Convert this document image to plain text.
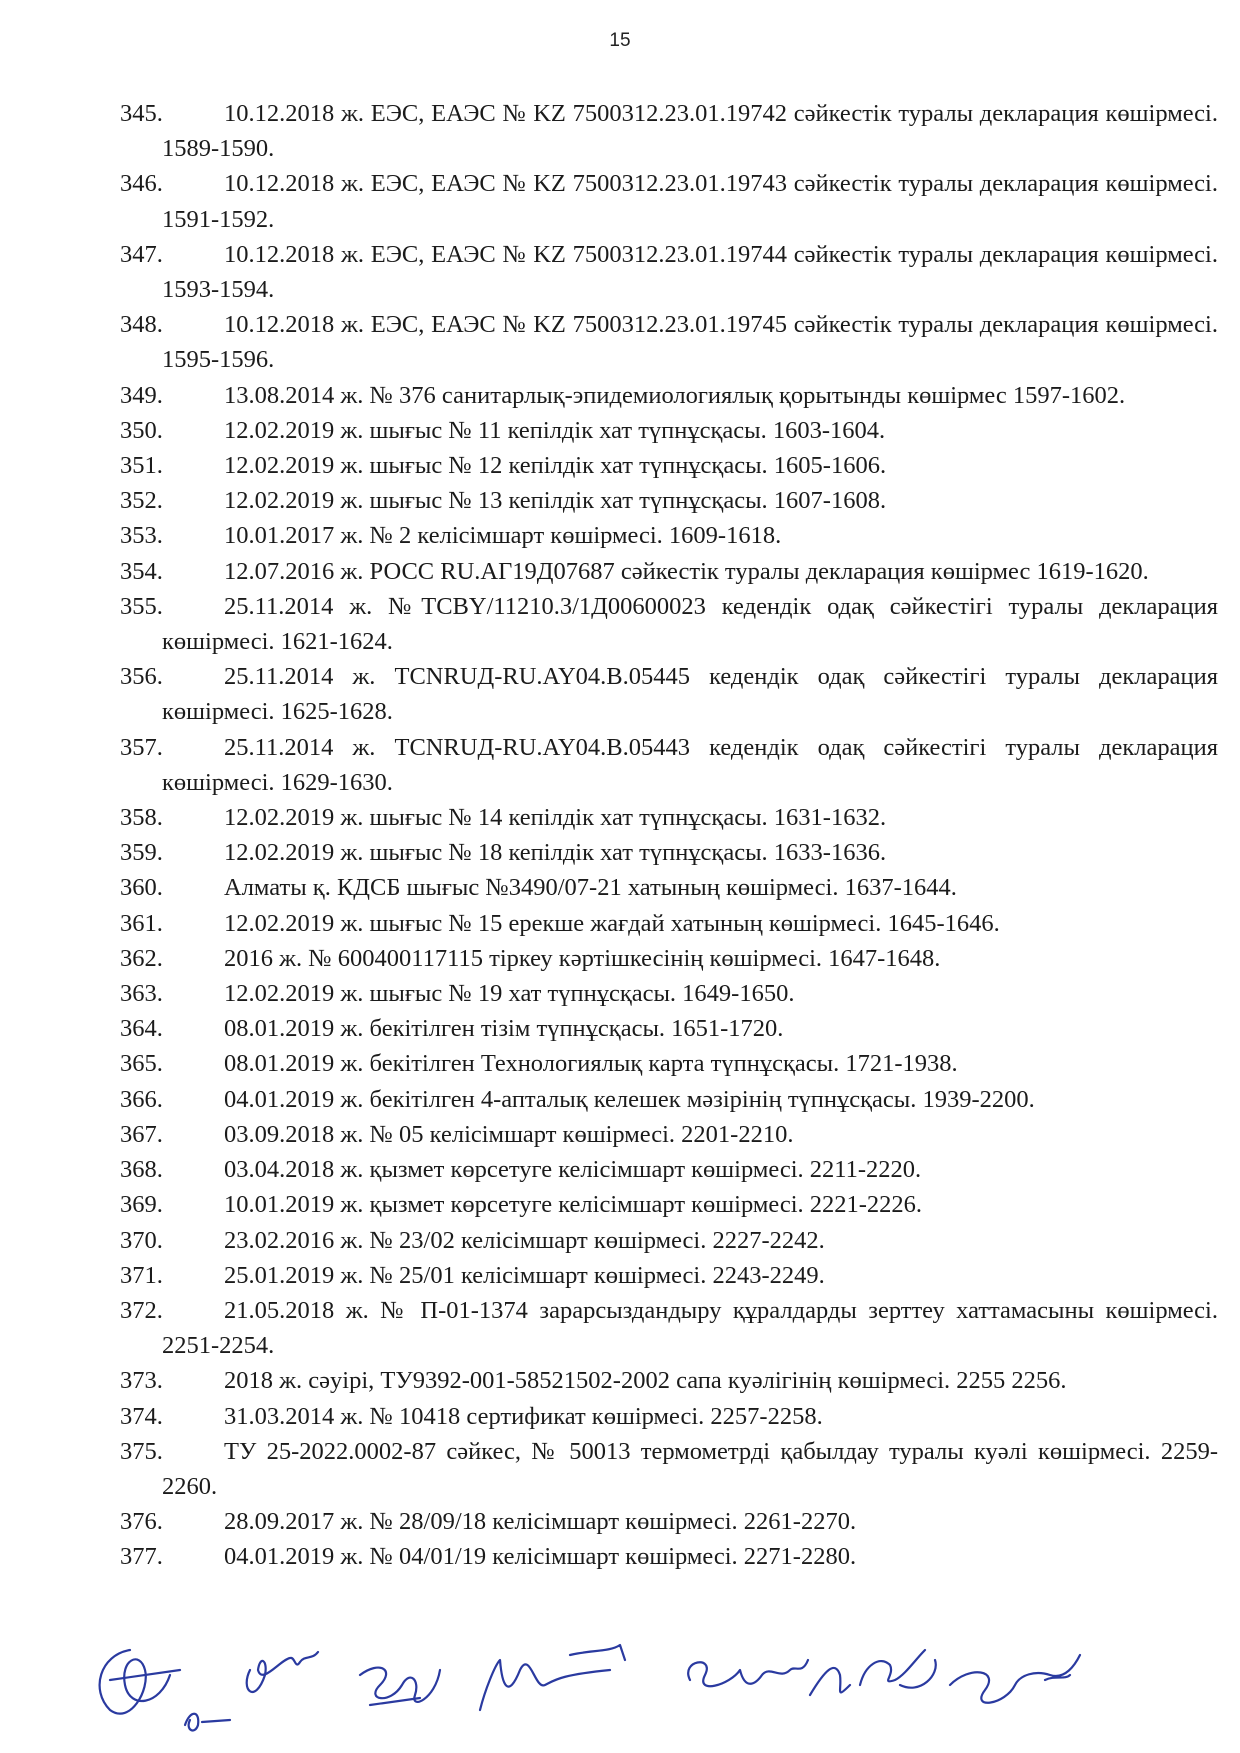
15
345.	10.12.2018 ж. ЕЭС, ЕАЭС № KZ 7500312.23.01.19742 сәйкестік туралы декларация көшірмесі. 1589-1590.
346.	10.12.2018 ж. ЕЭС, ЕАЭС № KZ 7500312.23.01.19743 сәйкестік туралы декларация көшірмесі. 1591-1592.
347.	10.12.2018 ж. ЕЭС, ЕАЭС № KZ 7500312.23.01.19744 сәйкестік туралы декларация көшірмесі. 1593-1594.
348.	10.12.2018 ж. ЕЭС, ЕАЭС № KZ 7500312.23.01.19745 сәйкестік туралы декларация көшірмесі. 1595-1596.
349.	13.08.2014 ж. № 376 санитарлық-эпидемиологиялық қорытынды көшірмес 1597-1602.
350.	12.02.2019 ж. шығыс № 11 кепілдік хат түпнұсқасы. 1603-1604.
351.	12.02.2019 ж. шығыс № 12 кепілдік хат түпнұсқасы. 1605-1606.
352.	12.02.2019 ж. шығыс № 13 кепілдік хат түпнұсқасы. 1607-1608.
353.	10.01.2017 ж. № 2 келісімшарт көшірмесі. 1609-1618.
354.	12.07.2016 ж. РОСС RU.АГ19Д07687 сәйкестік туралы декларация көшірмес 1619-1620.
355.	25.11.2014 ж. №TCBY/11210.3/1Д00600023 кедендік одақ сәйкестігі туралы декларация көшірмесі. 1621-1624.
356.	25.11.2014 ж. TCNRUД-RU.AY04.B.05445 кедендік одақ сәйкестігі туралы декларация көшірмесі. 1625-1628.
357.	25.11.2014 ж. TCNRUД-RU.AY04.B.05443 кедендік одақ сәйкестігі туралы декларация көшірмесі. 1629-1630.
358.	12.02.2019 ж. шығыс № 14 кепілдік хат түпнұсқасы. 1631-1632.
359.	12.02.2019 ж. шығыс № 18 кепілдік хат түпнұсқасы. 1633-1636.
360.	Алматы қ. КДСБ шығыс №3490/07-21 хатының көшірмесі. 1637-1644.
361.	12.02.2019 ж. шығыс № 15 ерекше жағдай хатының көшірмесі. 1645-1646.
362.	2016 ж. № 600400117115 тіркеу кәртішкесінің көшірмесі. 1647-1648.
363.	12.02.2019 ж. шығыс № 19 хат түпнұсқасы. 1649-1650.
364.	08.01.2019 ж. бекітілген тізім түпнұсқасы. 1651-1720.
365.	08.01.2019 ж. бекітілген Технологиялық карта түпнұсқасы. 1721-1938.
366.	04.01.2019 ж. бекітілген 4-апталық келешек мәзірінің түпнұсқасы. 1939-2200.
367.	03.09.2018 ж. № 05 келісімшарт көшірмесі. 2201-2210.
368.	03.04.2018 ж. қызмет көрсетуге келісімшарт көшірмесі. 2211-2220.
369.	10.01.2019 ж. қызмет көрсетуге келісімшарт көшірмесі. 2221-2226.
370.	23.02.2016 ж. № 23/02 келісімшарт көшірмесі. 2227-2242.
371.	25.01.2019 ж. № 25/01 келісімшарт көшірмесі. 2243-2249.
372.	21.05.2018 ж. № П-01-1374 зарарсыздандыру құралдарды зерттеу хаттамасыны көшірмесі. 2251-2254.
373.	2018 ж. сәуірі, ТУ9392-001-58521502-2002 сапа куәлігінің көшірмесі. 2255 2256.
374.	31.03.2014 ж. № 10418 сертификат көшірмесі. 2257-2258.
375.	ТУ 25-2022.0002-87 сәйкес, № 50013 термометрді қабылдау туралы куәлі көшірмесі. 2259-2260.
376.	28.09.2017 ж. № 28/09/18 келісімшарт көшірмесі. 2261-2270.
377.	04.01.2019 ж. № 04/01/19 келісімшарт көшірмесі. 2271-2280.
